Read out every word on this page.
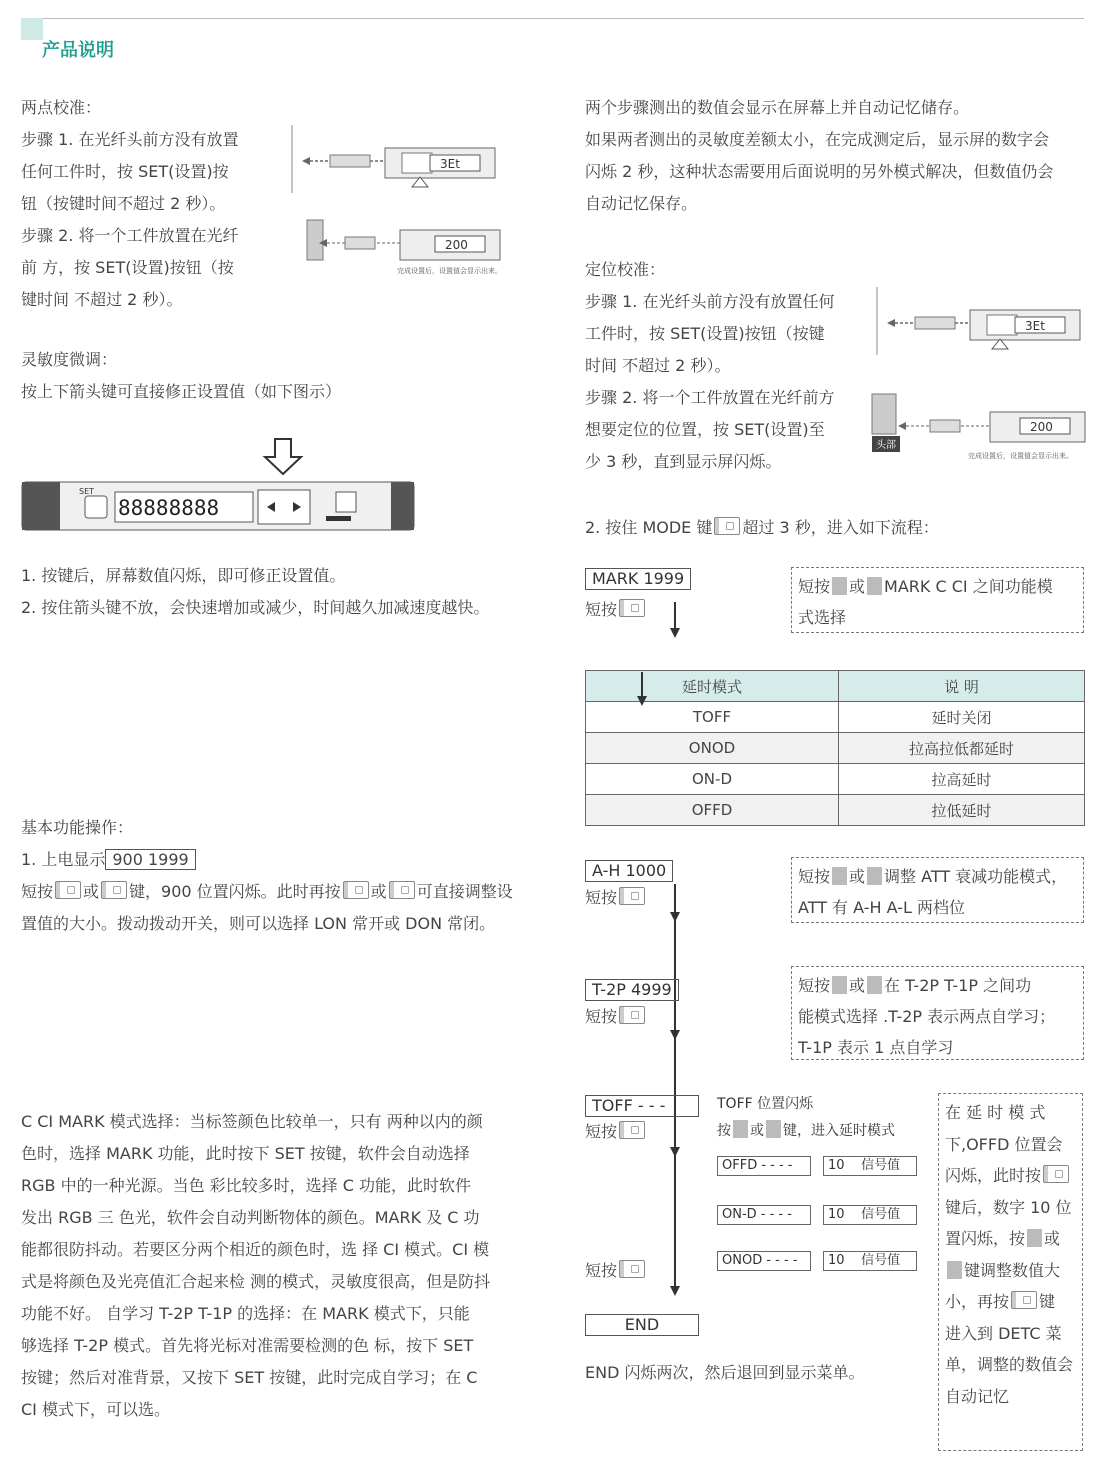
产品说明
两点校准：
步骤 1. 在光纤头前方没有放置
任何工件时，按 SET(设置)按
钮（按键时间不超过 2 秒）。
步骤 2. 将一个工件放置在光纤
前 方，按 SET(设置)按钮（按
键时间 不超过 2 秒）。
3Et
200
完成设置后，设置值会显示出来。
灵敏度微调：
按上下箭头键可直接修正设置值（如下图示）
SET
88888888
1. 按键后，屏幕数值闪烁，即可修正设置值。
2. 按住箭头键不放，会快速增加或减少，时间越久加减速度越快。
基本功能操作：
1. 上电显示 900 1999
短按 或 键，900 位置闪烁。此时再按 或 可直接调整设
置值的大小。拨动拨动开关，则可以选择 LON 常开或 DON 常闭。
C CI MARK 模式选择：当标签颜色比较单一，只有 两种以内的颜
色时，选择 MARK 功能，此时按下 SET 按键，软件会自动选择
RGB 中的一种光源。当色 彩比较多时，选择 C 功能，此时软件
发出 RGB 三 色光，软件会自动判断物体的颜色。MARK 及 C 功
能都很防抖动。若要区分两个相近的颜色时，选 择 CI 模式。CI 模
式是将颜色及光亮值汇合起来检 测的模式，灵敏度很高，但是防抖
功能不好。 自学习 T-2P T-1P 的选择：在 MARK 模式下，只能
够选择 T-2P 模式。首先将光标对准需要检测的色 标，按下 SET
按键；然后对准背景，又按下 SET 按键，此时完成自学习；在 C
CI 模式下，可以选。
两个步骤测出的数值会显示在屏幕上并自动记忆储存。
如果两者测出的灵敏度差额太小，在完成测定后，显示屏的数字会
闪烁 2 秒，这种状态需要用后面说明的另外模式解决，但数值仍会
自动记忆保存。
定位校准：
步骤 1. 在光纤头前方没有放置任何
工件时，按 SET(设置)按钮（按键
时间 不超过 2 秒）。
步骤 2. 将一个工件放置在光纤前方
想要定位的位置，按 SET(设置)至
少 3 秒，直到显示屏闪烁。
3Et
头部
200
完成设置后，设置值会显示出来。
2. 按住 MODE 键 超过 3 秒，进入如下流程：
MARK 1999
短按
短按 或 MARK C CI 之间功能模
式选择
延时模式	说 明
TOFF	延时关闭
ONOD	拉高拉低都延时
ON-D	拉高延时
OFFD	拉低延时
A-H 1000
短按
短按 或 调整 ATT 衰减功能模式，
ATT 有 A-H A-L 两档位
T-2P 4999
短按
短按 或 在 T-2P T-1P 之间功
能模式选择 .T-2P 表示两点自学习；
T-1P 表示 1 点自学习
TOFF - - -
短按
TOFF 位置闪烁
按 或 键，进入延时模式
OFFD - - - -	10 信号值
ON-D - - - -	10 信号值
ONOD - - - -	10 信号值
短按
END
END 闪烁两次，然后退回到显示菜单。
在 延 时 模 式
下,OFFD 位置会
闪烁，此时按
键后，数字 10 位
置闪烁，按 或
键调整数值大
小，再按 键
进入到 DETC 菜
单，调整的数值会
自动记忆
